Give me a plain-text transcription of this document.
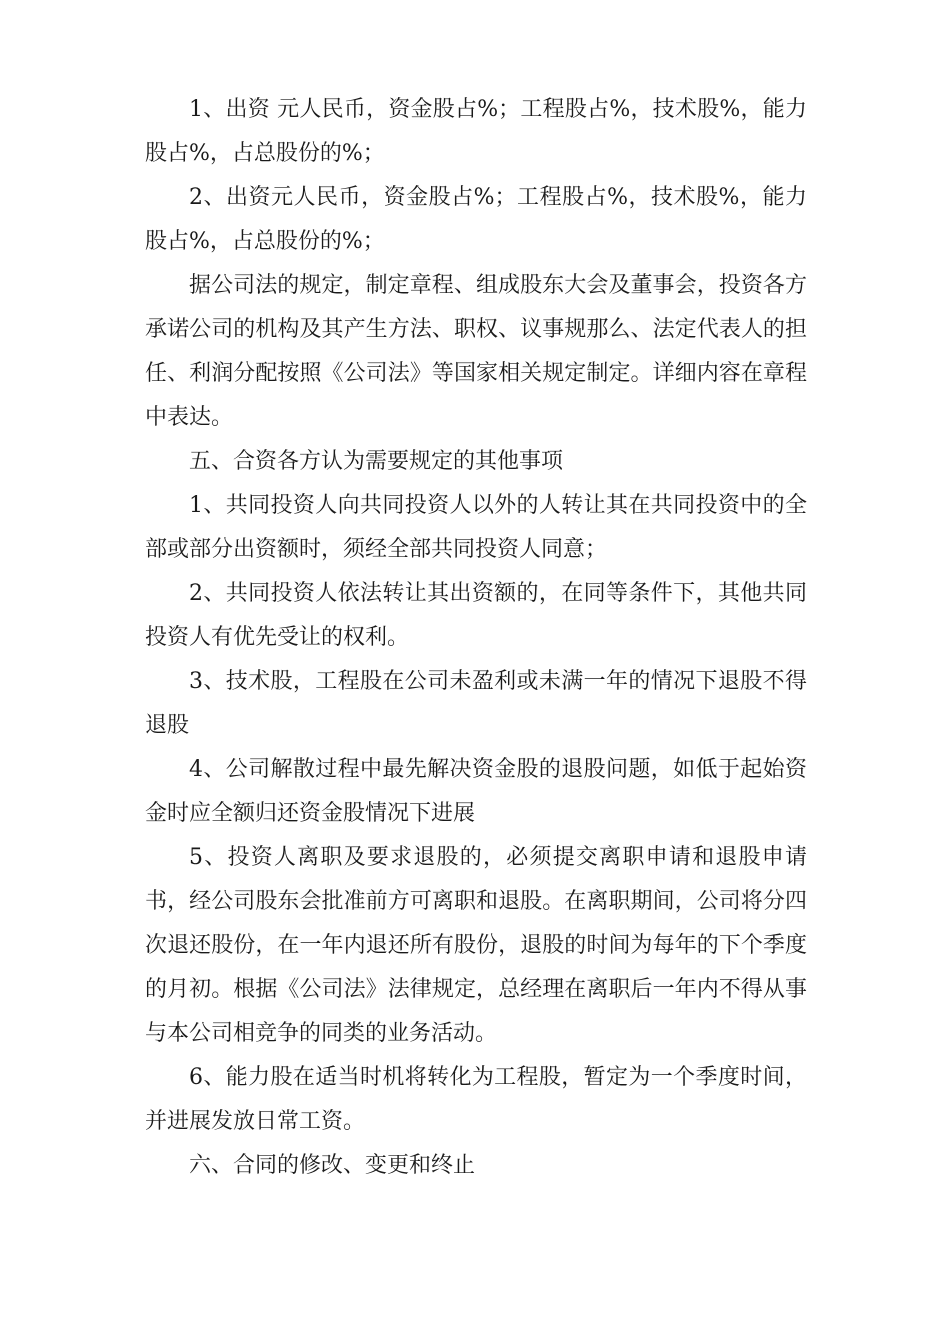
1、出资 元人民币，资金股占%；工程股占%，技术股%，能力股占%，占总股份的%；

2、出资元人民币，资金股占%；工程股占%，技术股%，能力股占%，占总股份的%；

据公司法的规定，制定章程、组成股东大会及董事会，投资各方承诺公司的机构及其产生方法、职权、议事规那么、法定代表人的担任、利润分配按照《公司法》等国家相关规定制定。详细内容在章程中表达。

五、合资各方认为需要规定的其他事项

1、共同投资人向共同投资人以外的人转让其在共同投资中的全部或部分出资额时，须经全部共同投资人同意；

2、共同投资人依法转让其出资额的，在同等条件下，其他共同投资人有优先受让的权利。

3、技术股，工程股在公司未盈利或未满一年的情况下退股不得退股

4、公司解散过程中最先解决资金股的退股问题，如低于起始资金时应全额归还资金股情况下进展

5、投资人离职及要求退股的，必须提交离职申请和退股申请书，经公司股东会批准前方可离职和退股。在离职期间，公司将分四次退还股份，在一年内退还所有股份，退股的时间为每年的下个季度的月初。根据《公司法》法律规定，总经理在离职后一年内不得从事与本公司相竞争的同类的业务活动。

6、能力股在适当时机将转化为工程股，暂定为一个季度时间，并进展发放日常工资。

六、合同的修改、变更和终止
